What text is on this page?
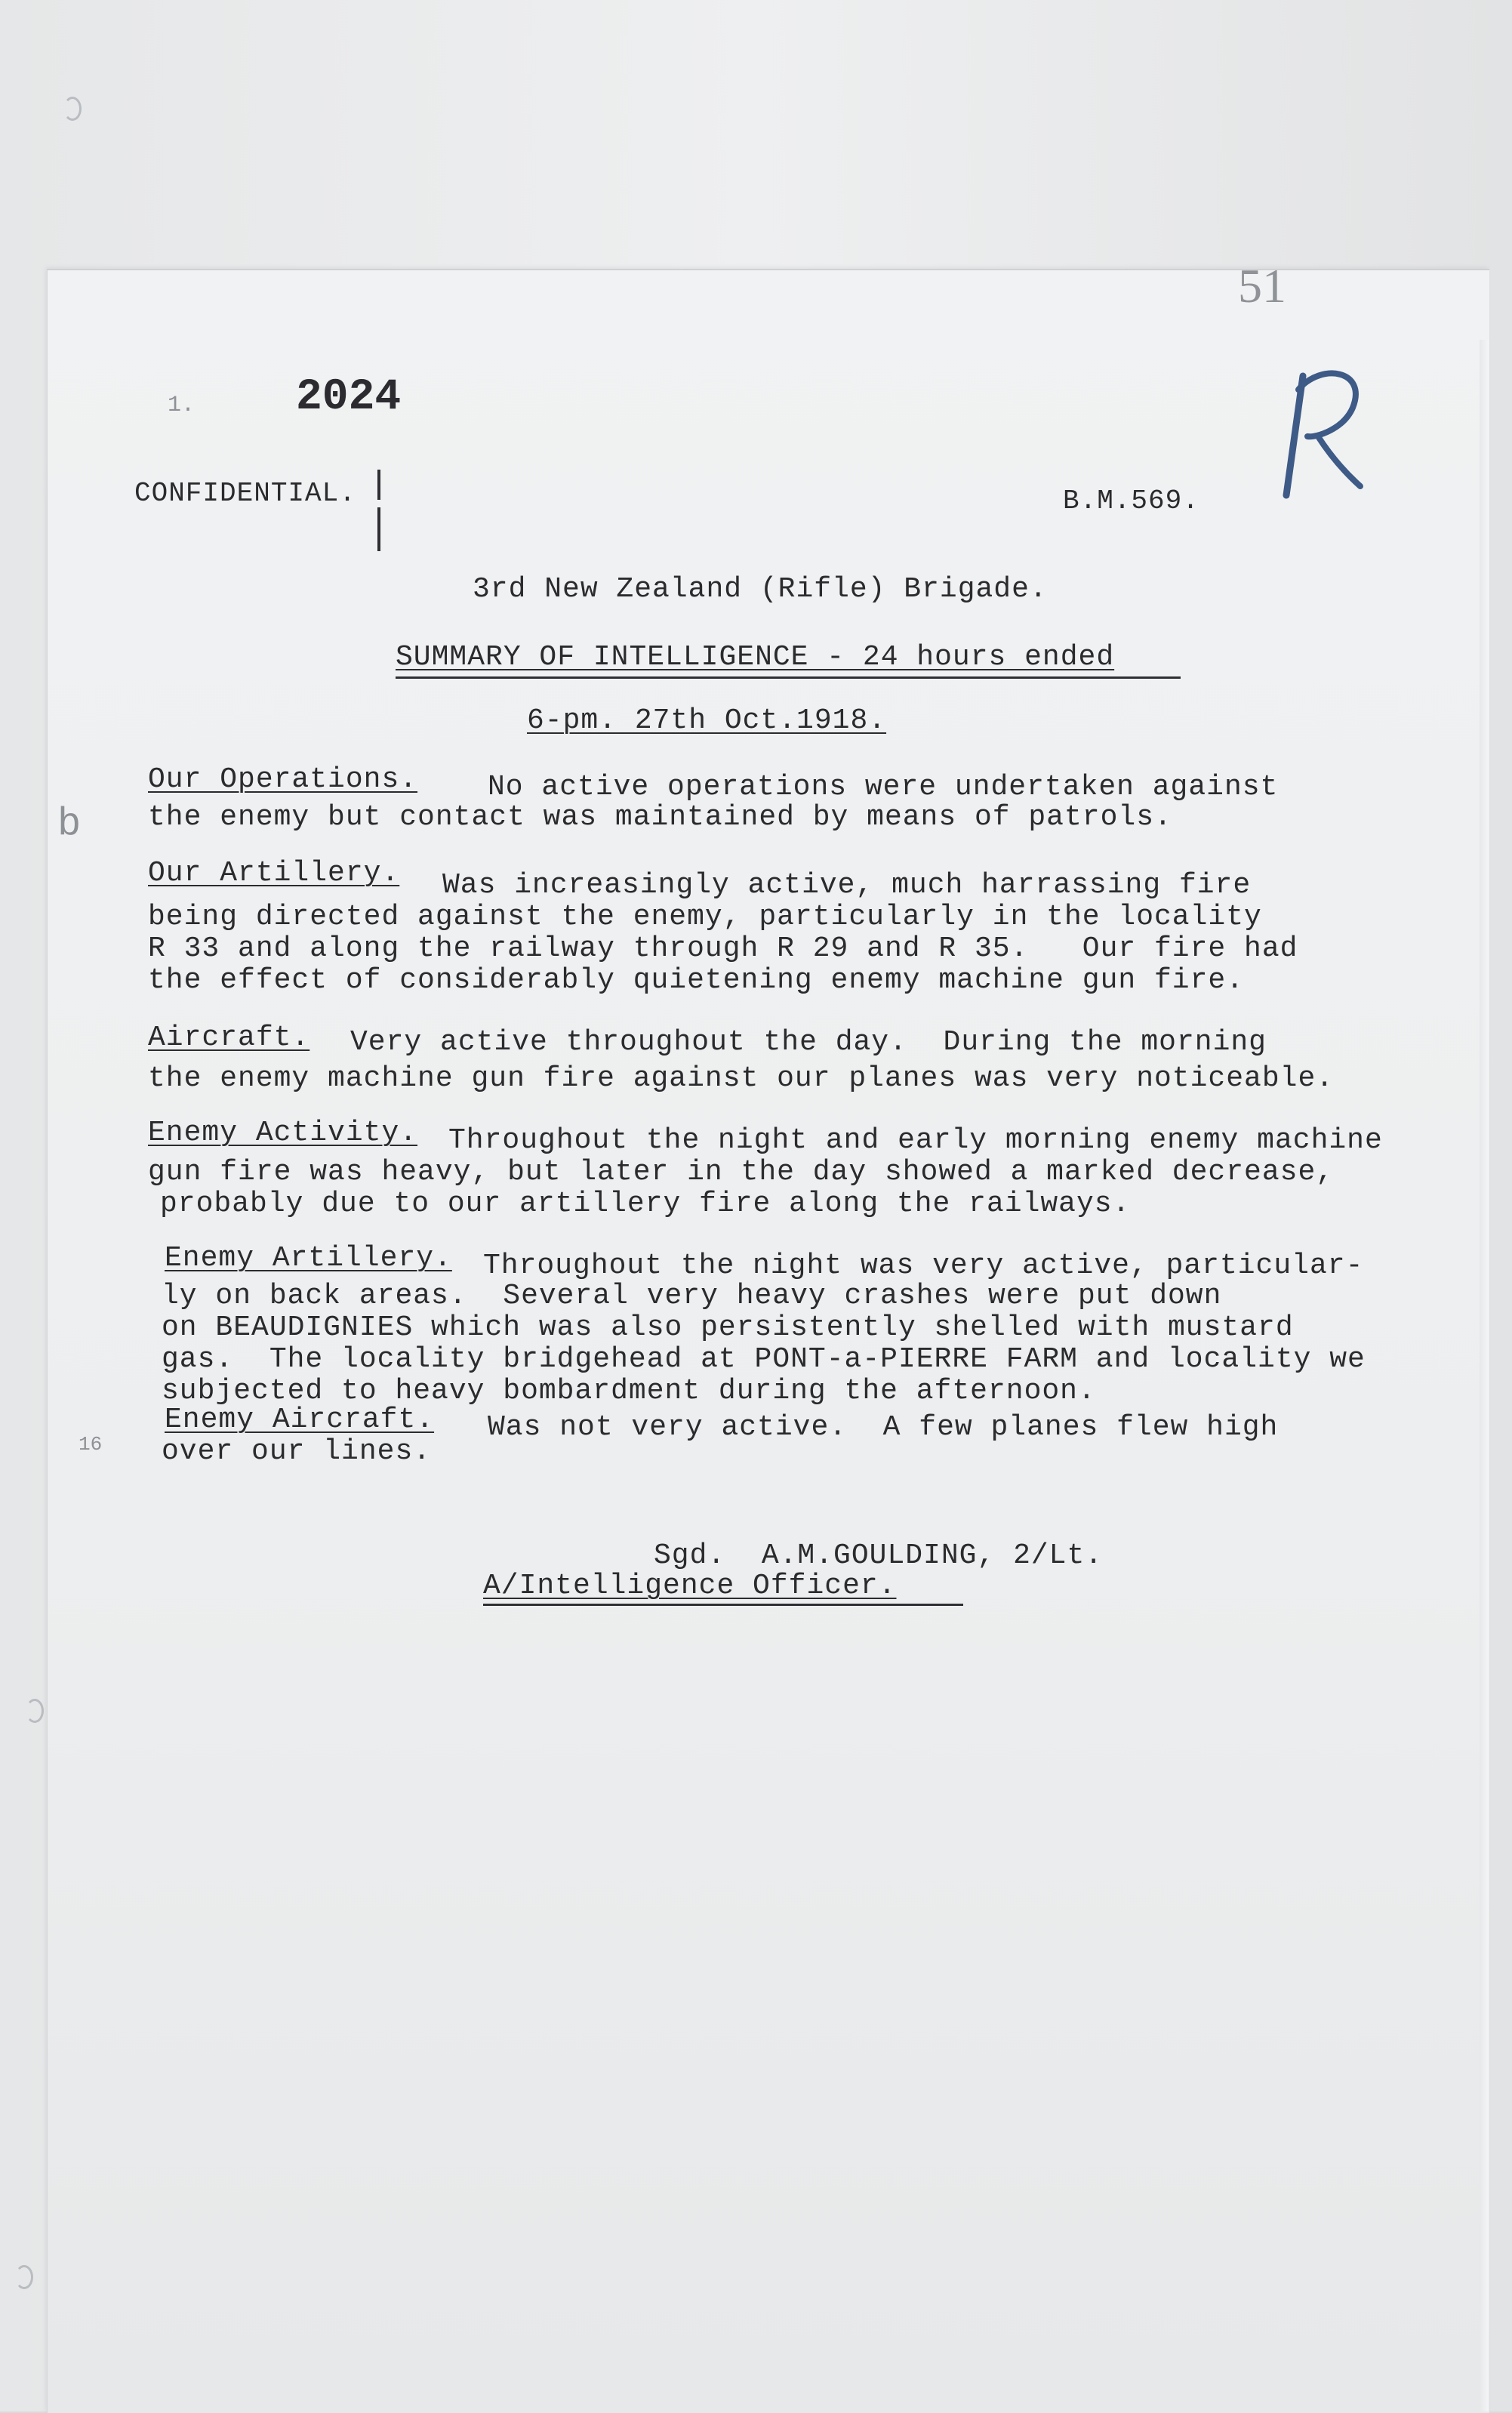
51
1. 2024
CONFIDENTIAL.	B.M.569.
R
3rd New Zealand (Rifle) Brigade.
SUMMARY OF INTELLIGENCE - 24 hours ended
6-pm. 27th Oct.1918.
Our Operations. No active operations were undertaken against
the enemy but contact was maintained by means of patrols.
b
Our Artillery. Was increasingly active, much harrassing fire
being directed against the enemy, particularly in the locality
R 33 and along the railway through R 29 and R 35.   Our fire had
the effect of considerably quietening enemy machine gun fire.
Aircraft. Very active throughout the day.  During the morning
the enemy machine gun fire against our planes was very noticeable.
Enemy Activity. Throughout the night and early morning enemy machine
gun fire was heavy, but later in the day showed a marked decrease,
probably due to our artillery fire along the railways.
Enemy Artillery. Throughout the night was very active, particular-
ly on back areas.  Several very heavy crashes were put down
on BEAUDIGNIES which was also persistently shelled with mustard
gas.  The locality bridgehead at PONT-a-PIERRE FARM and locality we
subjected to heavy bombardment during the afternoon.
Enemy Aircraft. Was not very active.  A few planes flew high
over our lines.
16
Sgd.  A.M.GOULDING, 2/Lt.
A/Intelligence Officer.
